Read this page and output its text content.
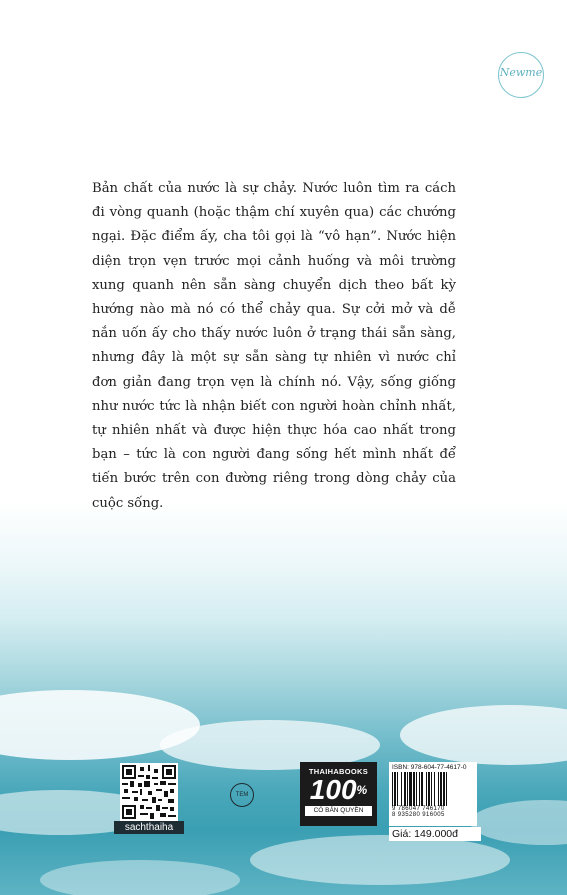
Newme

Bản chất của nước là sự chảy. Nước luôn tìm ra cách đi vòng quanh (hoặc thậm chí xuyên qua) các chướng ngại. Đặc điểm ấy, cha tôi gọi là “vô hạn”. Nước hiện diện trọn vẹn trước mọi cảnh huống và môi trường xung quanh nên sẵn sàng chuyển dịch theo bất kỳ hướng nào mà nó có thể chảy qua. Sự cởi mở và dễ nắn uốn ấy cho thấy nước luôn ở trạng thái sẵn sàng, nhưng đây là một sự sẵn sàng tự nhiên vì nước chỉ đơn giản đang trọn vẹn là chính nó. Vậy, sống giống như nước tức là nhận biết con người hoàn chỉnh nhất, tự nhiên nhất và được hiện thực hóa cao nhất trong bạn – tức là con người đang sống hết mình nhất để tiến bước trên con đường riêng trong dòng chảy của cuộc sống.

sachthaiha
TEM
THAIHABOOKS
100%
CÓ BẢN QUYỀN
ISBN: 978-604-77-4617-0
9 786047 746170
8 935280 916005
Giá: 149.000đ
